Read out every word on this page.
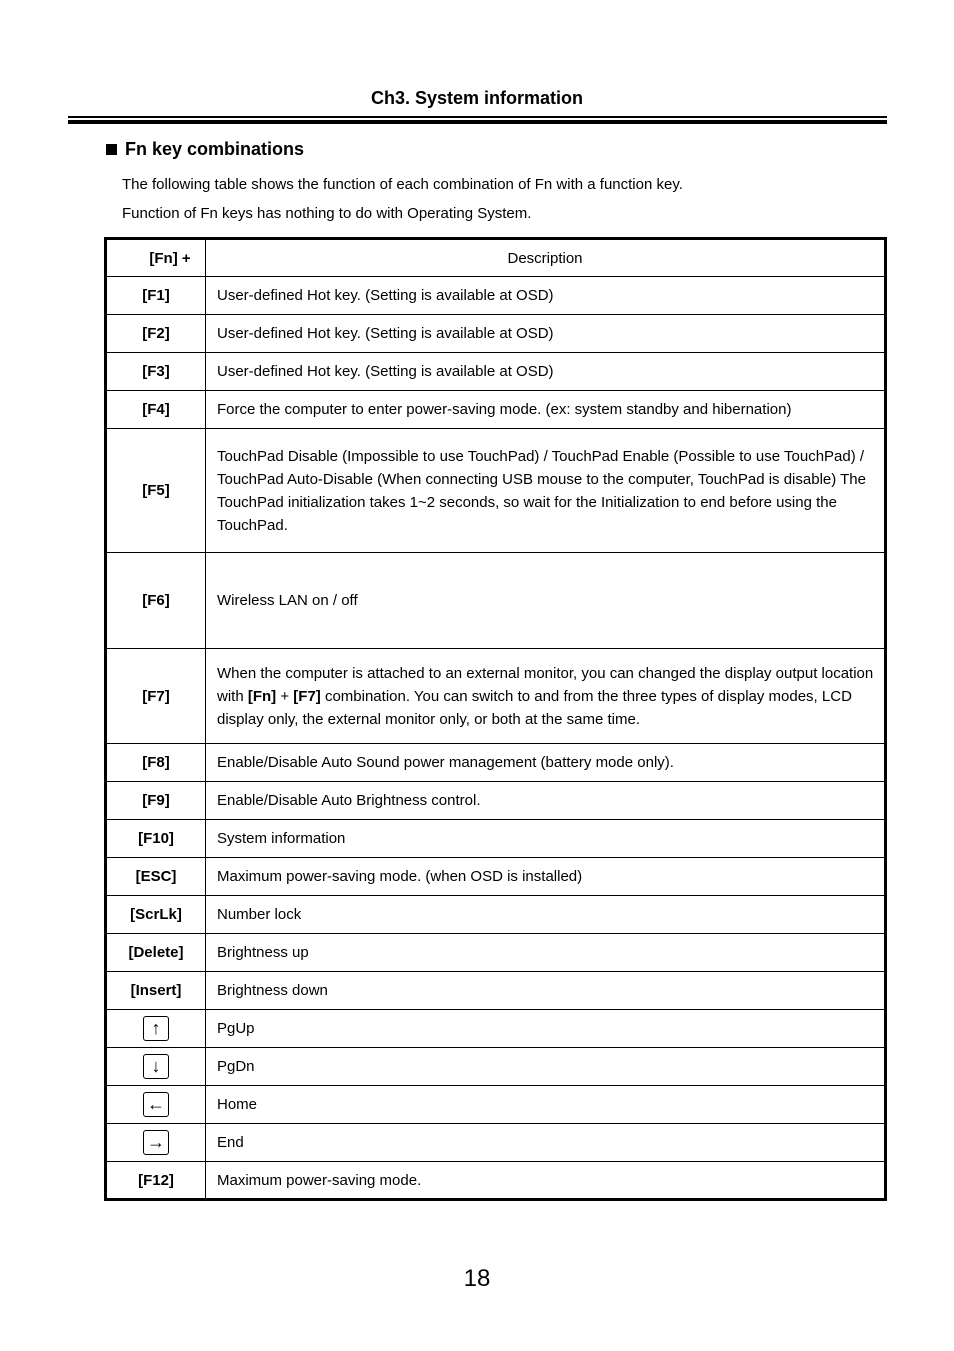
Ch3. System information
Fn key combinations
The following table shows the function of each combination of Fn with a function key.
Function of Fn keys has nothing to do with Operating System.
[Fn] +	Description
[F1]	User-defined Hot key. (Setting is available at OSD)
[F2]	User-defined Hot key. (Setting is available at OSD)
[F3]	User-defined Hot key. (Setting is available at OSD)
[F4]	Force the computer to enter power-saving mode. (ex: system standby and hibernation)
[F5]	TouchPad Disable (Impossible to use TouchPad) / TouchPad Enable (Possible to use TouchPad) / TouchPad Auto-Disable (When connecting USB mouse to the computer, TouchPad is disable) The TouchPad initialization takes 1~2 seconds, so wait for the Initialization to end before using the TouchPad.
[F6]	Wireless LAN on / off
[F7]	When the computer is attached to an external monitor, you can changed the display output location with [Fn] + [F7] combination. You can switch to and from the three types of display modes, LCD display only, the external monitor only, or both at the same time.
[F8]	Enable/Disable Auto Sound power management (battery mode only).
[F9]	Enable/Disable Auto Brightness control.
[F10]	System information
[ESC]	Maximum power-saving mode. (when OSD is installed)
[ScrLk]	Number lock
[Delete]	Brightness up
[Insert]	Brightness down
↑	PgUp
↓	PgDn
←	Home
→	End
[F12]	Maximum power-saving mode.
18
